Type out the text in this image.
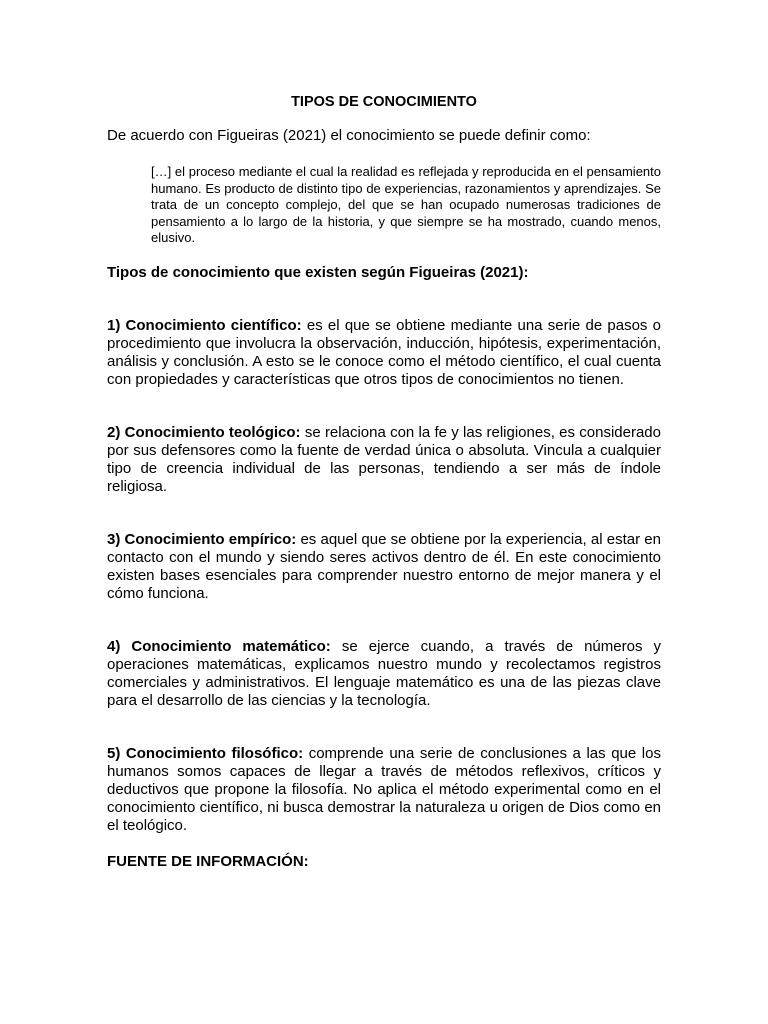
TIPOS DE CONOCIMIENTO
De acuerdo con Figueiras (2021) el conocimiento se puede definir como:
[…] el proceso mediante el cual la realidad es reflejada y reproducida en el pensamiento humano. Es producto de distinto tipo de experiencias, razonamientos y aprendizajes. Se trata de un concepto complejo, del que se han ocupado numerosas tradiciones de pensamiento a lo largo de la historia, y que siempre se ha mostrado, cuando menos, elusivo.
Tipos de conocimiento que existen según Figueiras (2021):
1) Conocimiento científico: es el que se obtiene mediante una serie de pasos o procedimiento que involucra la observación, inducción, hipótesis, experimentación, análisis y conclusión. A esto se le conoce como el método científico, el cual cuenta con propiedades y características que otros tipos de conocimientos no tienen.
2) Conocimiento teológico: se relaciona con la fe y las religiones, es considerado por sus defensores como la fuente de verdad única o absoluta. Vincula a cualquier tipo de creencia individual de las personas, tendiendo a ser más de índole religiosa.
3) Conocimiento empírico: es aquel que se obtiene por la experiencia, al estar en contacto con el mundo y siendo seres activos dentro de él. En este conocimiento existen bases esenciales para comprender nuestro entorno de mejor manera y el cómo funciona.
4) Conocimiento matemático: se ejerce cuando, a través de números y operaciones matemáticas, explicamos nuestro mundo y recolectamos registros comerciales y administrativos. El lenguaje matemático es una de las piezas clave para el desarrollo de las ciencias y la tecnología.
5) Conocimiento filosófico: comprende una serie de conclusiones a las que los humanos somos capaces de llegar a través de métodos reflexivos, críticos y deductivos que propone la filosofía. No aplica el método experimental como en el conocimiento científico, ni busca demostrar la naturaleza u origen de Dios como en el teológico.
FUENTE DE INFORMACIÓN:
